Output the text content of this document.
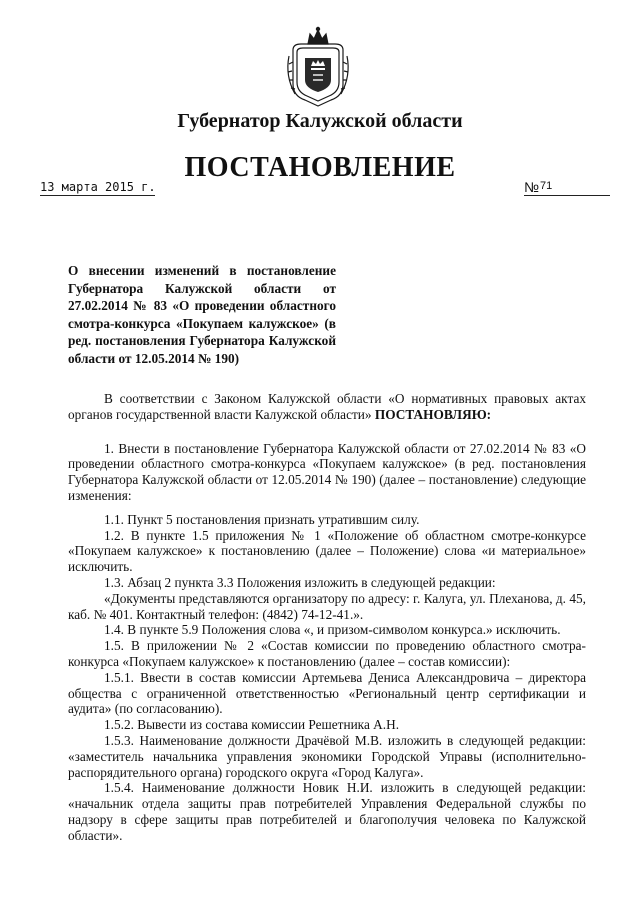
Губернатор Калужской области
ПОСТАНОВЛЕНИЕ
13 марта 2015 г.	№$^{71}$
О внесении изменений в постановление Губернатора Калужской области от 27.02.2014 № 83 «О проведении областного смотра-конкурса «Покупаем калужское» (в ред. постановления Губернатора Калужской области от 12.05.2014 № 190)

В соответствии с Законом Калужской области «О нормативных правовых актах органов государственной власти Калужской области» ПОСТАНОВЛЯЮ:

1. Внести в постановление Губернатора Калужской области от 27.02.2014 № 83 «О проведении областного смотра-конкурса «Покупаем калужское» (в ред. постановления Губернатора Калужской области от 12.05.2014 № 190) (далее – постановление) следующие изменения:

1.1. Пункт 5 постановления признать утратившим силу.

1.2. В пункте 1.5 приложения № 1 «Положение об областном смотре-конкурсе «Покупаем калужское» к постановлению (далее – Положение) слова «и материальное» исключить.

1.3. Абзац 2 пункта 3.3 Положения изложить в следующей редакции:

«Документы представляются организатору по адресу: г. Калуга, ул. Плеханова, д. 45, каб. № 401. Контактный телефон: (4842) 74-12-41.».

1.4. В пункте 5.9 Положения слова «, и призом-символом конкурса.» исключить.

1.5. В приложении № 2 «Состав комиссии по проведению областного смотра-конкурса «Покупаем калужское» к постановлению (далее – состав комиссии):

1.5.1. Ввести в состав комиссии Артемьева Дениса Александровича – директора общества с ограниченной ответственностью «Региональный центр сертификации и аудита» (по согласованию).

1.5.2. Вывести из состава комиссии Решетника А.Н.

1.5.3. Наименование должности Драчёвой М.В. изложить в следующей редакции: «заместитель начальника управления экономики Городской Управы (исполнительно-распорядительного органа) городского округа «Город Калуга».

1.5.4. Наименование должности Новик Н.И. изложить в следующей редакции: «начальник отдела защиты прав потребителей Управления Федеральной службы по надзору в сфере защиты прав потребителей и благополучия человека по Калужской области».
